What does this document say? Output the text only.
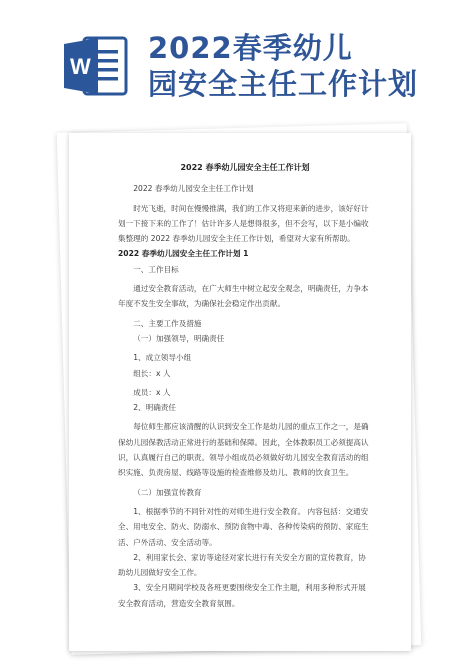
W
2022春季幼儿
园安全主任工作计划

2022 春季幼儿园安全主任工作计划

2022 春季幼儿园安全主任工作计划

时光飞逝，时间在慢慢推满，我们的工作又将迎来新的进步，该好好计划一下接下来的工作了！估计许多人是想得很多，但不会写，以下是小编收集整理的 2022 春季幼儿园安全主任工作计划，希望对大家有所帮助。

2022 春季幼儿园安全主任工作计划 1

一、工作目标

通过安全教育活动，在广大师生中树立起安全观念，明确责任，力争本年度不发生安全事故，为确保社会稳定作出贡献。

二、主要工作及措施

（一）加强领导，明确责任

1、成立领导小组

组长：x 人

成员：x 人

2、明确责任

每位师生都应该清醒的认识到安全工作是幼儿园的重点工作之一，是确保幼儿园保教活动正常进行的基础和保障。因此，全体教职员工必须提高认识，认真履行自己的职责。领导小组成员必须做好幼儿园安全教育活动的组织实施、负责房屋、线路等设施的检查维修及幼儿、教师的饮食卫生。

（二）加强宣传教育

1、根据季节的不同针对性的对师生进行安全教育。 内容包括：交通安全、用电安全、防火、防溺水、预防食物中毒、各种传染病的预防、家庭生活、户外活动、安全活动等。

2、利用家长会、家访等途径对家长进行有关安全方面的宣传教育，协助幼儿园做好安全工作。

3、安全月期间学校及各班更要围绕安全工作主题，利用多种形式开展安全教育活动，营造安全教育氛围。
